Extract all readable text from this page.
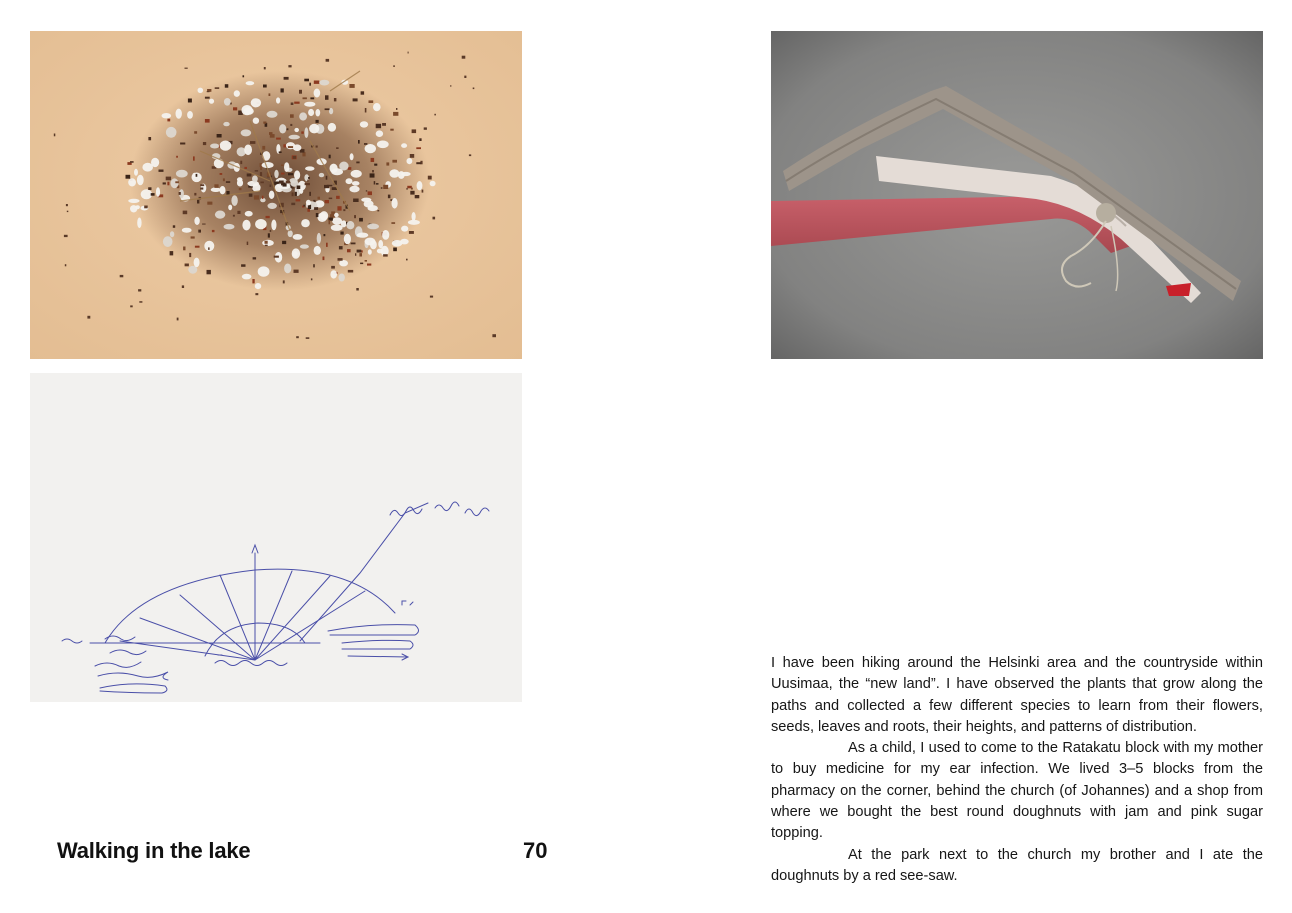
Walking in the lake	70

I have been hiking around the Helsinki area and the countryside within Uusimaa, the “new land”. I have observed the plants that grow along the paths and collected a few different species to learn from their flowers, seeds, leaves and roots, their heights, and patterns of distribution.

As a child, I used to come to the Ratakatu block with my mother to buy medicine for my ear infection. We lived 3–5 blocks from the pharmacy on the corner, behind the church (of Johannes) and a shop from where we bought the best round doughnuts with jam and pink sugar topping.

At the park next to the church my brother and I ate the doughnuts by a red see-saw.
